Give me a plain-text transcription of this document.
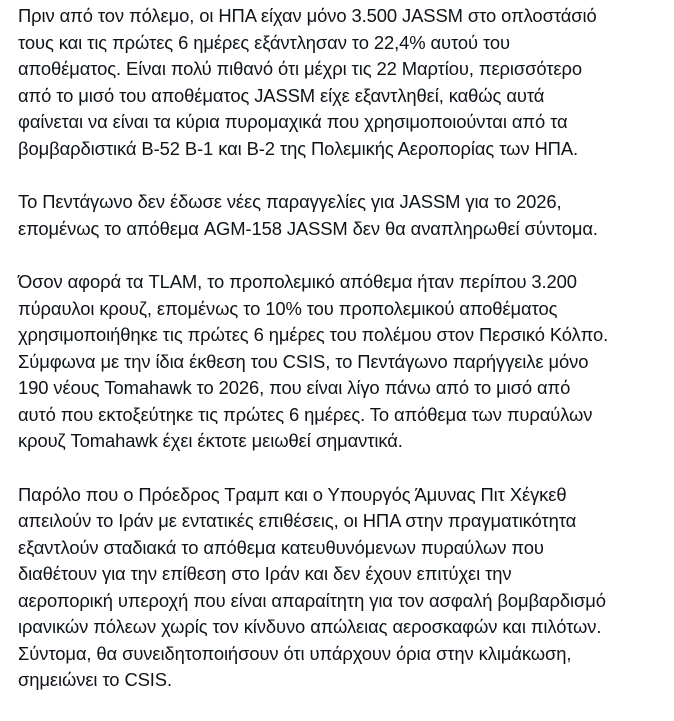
Πριν από τον πόλεμο, οι ΗΠΑ είχαν μόνο 3.500 JASSM στο οπλοστάσιό
τους και τις πρώτες 6 ημέρες εξάντλησαν το 22,4% αυτού του
αποθέματος. Είναι πολύ πιθανό ότι μέχρι τις 22 Μαρτίου, περισσότερο
από το μισό του αποθέματος JASSM είχε εξαντληθεί, καθώς αυτά
φαίνεται να είναι τα κύρια πυρομαχικά που χρησιμοποιούνται από τα
βομβαρδιστικά B-52 B-1 και B-2 της Πολεμικής Αεροπορίας των ΗΠΑ.

Το Πεντάγωνο δεν έδωσε νέες παραγγελίες για JASSM για το 2026,
επομένως το απόθεμα AGM-158 JASSM δεν θα αναπληρωθεί σύντομα.

Όσον αφορά τα TLAM, το προπολεμικό απόθεμα ήταν περίπου 3.200
πύραυλοι κρουζ, επομένως το 10% του προπολεμικού αποθέματος
χρησιμοποιήθηκε τις πρώτες 6 ημέρες του πολέμου στον Περσικό Κόλπο.
Σύμφωνα με την ίδια έκθεση του CSIS, το Πεντάγωνο παρήγγειλε μόνο
190 νέους Tomahawk το 2026, που είναι λίγο πάνω από το μισό από
αυτό που εκτοξεύτηκε τις πρώτες 6 ημέρες. Το απόθεμα των πυραύλων
κρουζ Tomahawk έχει έκτοτε μειωθεί σημαντικά.

Παρόλο που ο Πρόεδρος Τραμπ και ο Υπουργός Άμυνας Πιτ Χέγκεθ
απειλούν το Ιράν με εντατικές επιθέσεις, οι ΗΠΑ στην πραγματικότητα
εξαντλούν σταδιακά το απόθεμα κατευθυνόμενων πυραύλων που
διαθέτουν για την επίθεση στο Ιράν και δεν έχουν επιτύχει την
αεροπορική υπεροχή που είναι απαραίτητη για τον ασφαλή βομβαρδισμό
ιρανικών πόλεων χωρίς τον κίνδυνο απώλειας αεροσκαφών και πιλότων.
Σύντομα, θα συνειδητοποιήσουν ότι υπάρχουν όρια στην κλιμάκωση,
σημειώνει το CSIS.
